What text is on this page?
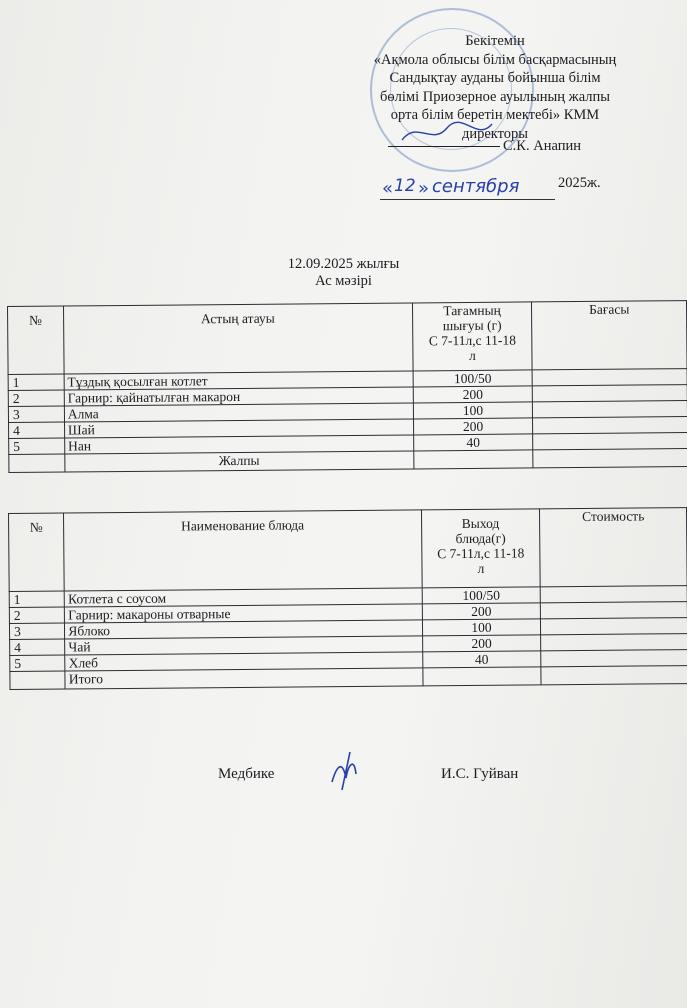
Бекітемін
«Ақмола облысы білім басқармасының
Сандықтау ауданы бойынша білім
бөлімі Приозерное ауылының жалпы
орта білім беретін мектебі» КММ
директоры
С.К. Анапин
« 12 » сентября	2025ж.
12.09.2025 жылғы
Ас мәзірі
№	Астың атауы	Тағамның
шығуы (г)
С 7-11л,с 11-18
л	Бағасы
1	Тұздық қосылған котлет	100/50	
2	Гарнир: қайнатылған макарон	200	
3	Алма	100	
4	Шай	200	
5	Нан	40	
	Жалпы		
№	Наименование блюда	Выход
блюда(г)
С 7-11л,с 11-18
л	Стоимость
1	Котлета с соусом	100/50	
2	Гарнир: макароны отварные	200	
3	Яблоко	100	
4	Чай	200	
5	Хлеб	40	
	Итого		
Медбике	И.С. Гуйван
